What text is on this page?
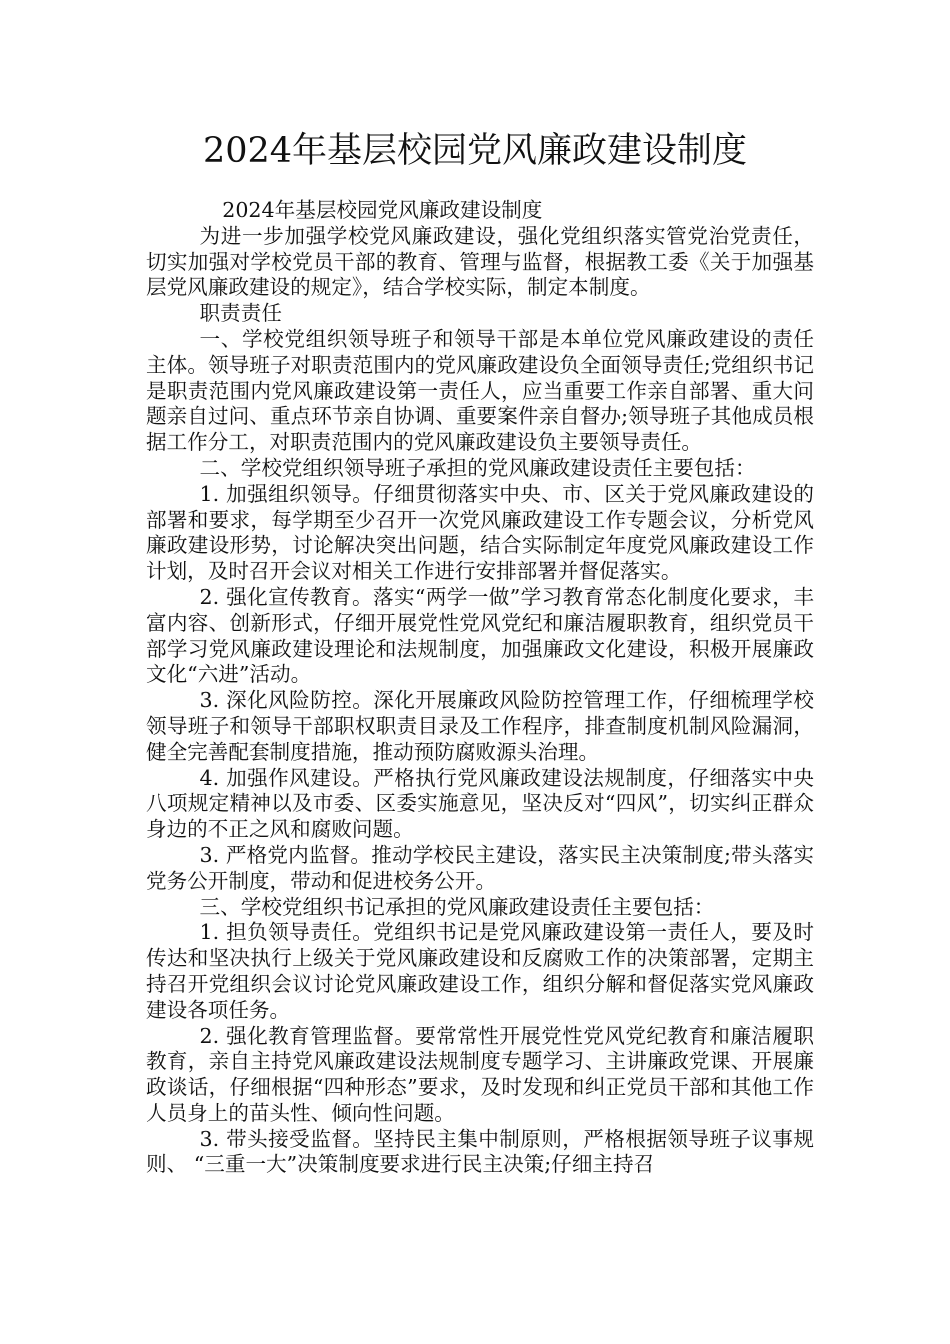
2024年基层校园党风廉政建设制度

2024年基层校园党风廉政建设制度

为进一步加强学校党风廉政建设，强化党组织落实管党治党责任，切实加强对学校党员干部的教育、管理与监督，根据教工委《关于加强基层党风廉政建设的规定》，结合学校实际，制定本制度。

职责责任

一、学校党组织领导班子和领导干部是本单位党风廉政建设的责任主体。领导班子对职责范围内的党风廉政建设负全面领导责任;党组织书记是职责范围内党风廉政建设第一责任人，应当重要工作亲自部署、重大问题亲自过问、重点环节亲自协调、重要案件亲自督办;领导班子其他成员根据工作分工，对职责范围内的党风廉政建设负主要领导责任。

二、学校党组织领导班子承担的党风廉政建设责任主要包括：

1. 加强组织领导。仔细贯彻落实中央、市、区关于党风廉政建设的部署和要求，每学期至少召开一次党风廉政建设工作专题会议，分析党风廉政建设形势，讨论解决突出问题，结合实际制定年度党风廉政建设工作计划，及时召开会议对相关工作进行安排部署并督促落实。

2. 强化宣传教育。落实“两学一做”学习教育常态化制度化要求，丰富内容、创新形式，仔细开展党性党风党纪和廉洁履职教育，组织党员干部学习党风廉政建设理论和法规制度，加强廉政文化建设，积极开展廉政文化“六进”活动。

3. 深化风险防控。深化开展廉政风险防控管理工作，仔细梳理学校领导班子和领导干部职权职责目录及工作程序，排查制度机制风险漏洞，健全完善配套制度措施，推动预防腐败源头治理。

4. 加强作风建设。严格执行党风廉政建设法规制度，仔细落实中央八项规定精神以及市委、区委实施意见，坚决反对“四风”，切实纠正群众身边的不正之风和腐败问题。

3. 严格党内监督。推动学校民主建设，落实民主决策制度;带头落实党务公开制度，带动和促进校务公开。

三、学校党组织书记承担的党风廉政建设责任主要包括：

1. 担负领导责任。党组织书记是党风廉政建设第一责任人，要及时传达和坚决执行上级关于党风廉政建设和反腐败工作的决策部署，定期主持召开党组织会议讨论党风廉政建设工作，组织分解和督促落实党风廉政建设各项任务。

2. 强化教育管理监督。要常常性开展党性党风党纪教育和廉洁履职教育，亲自主持党风廉政建设法规制度专题学习、主讲廉政党课、开展廉政谈话，仔细根据“四种形态”要求，及时发现和纠正党员干部和其他工作人员身上的苗头性、倾向性问题。

3. 带头接受监督。坚持民主集中制原则，严格根据领导班子议事规则、 “三重一大”决策制度要求进行民主决策;仔细主持召
